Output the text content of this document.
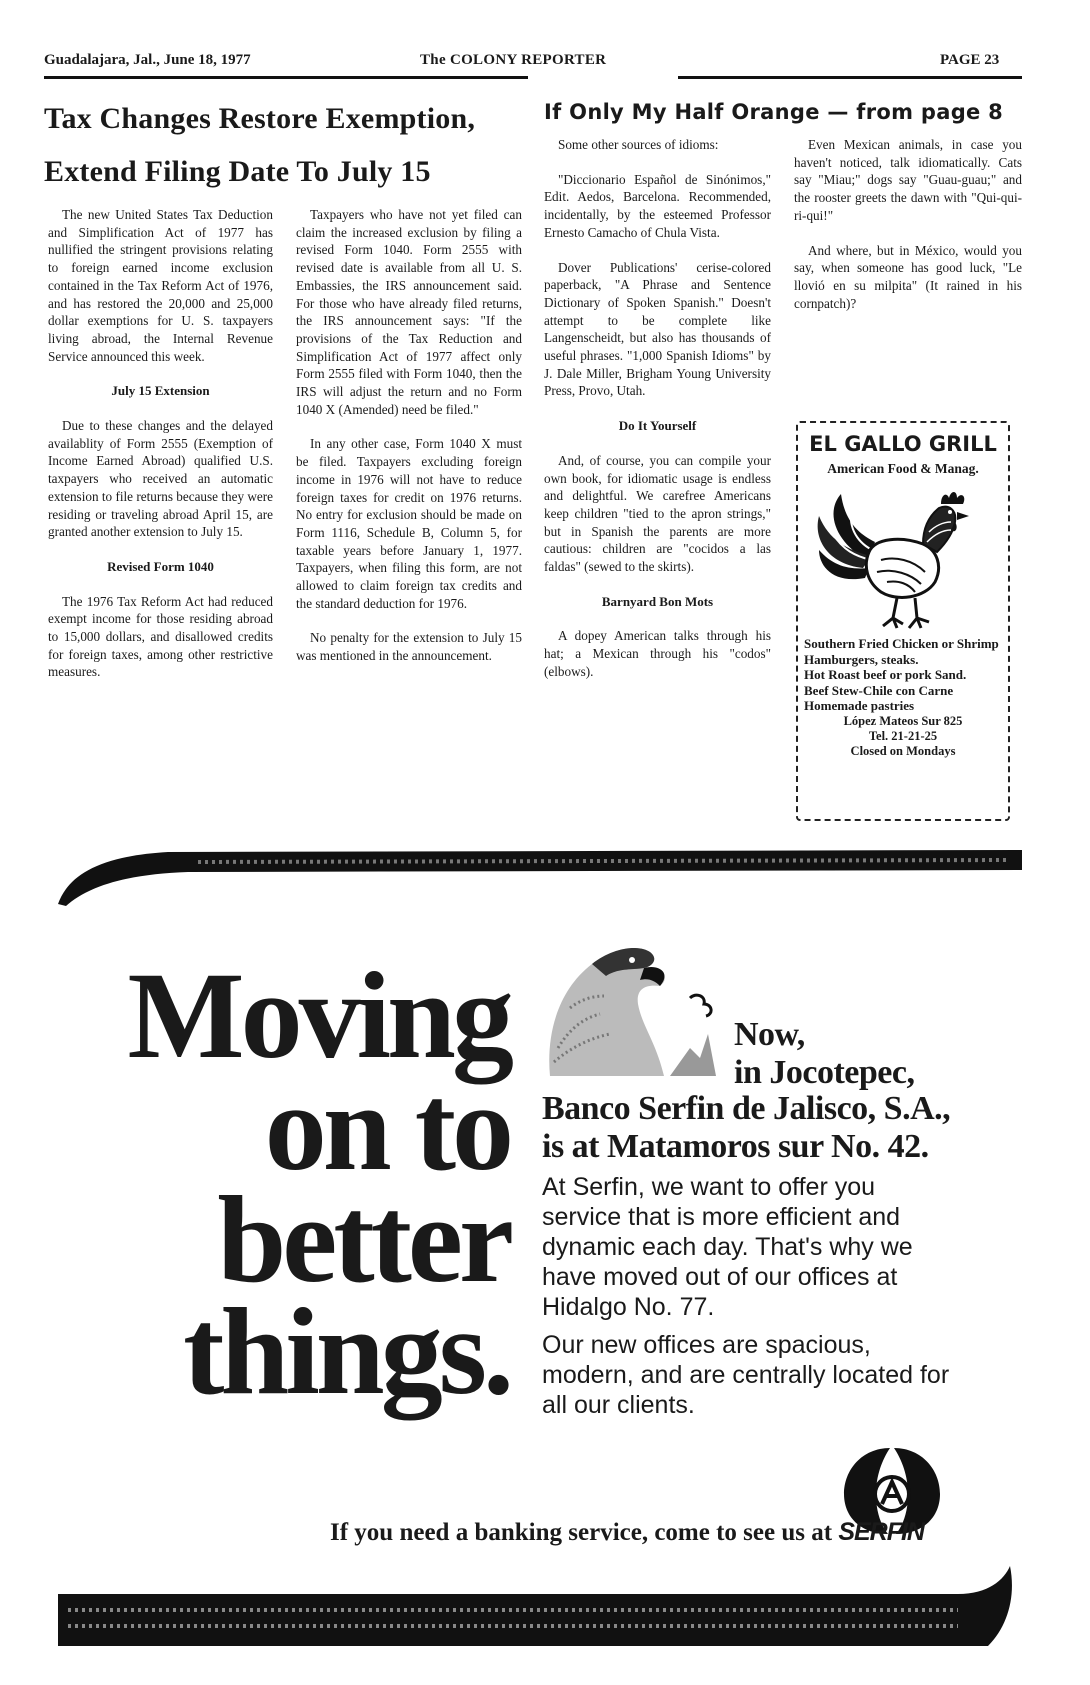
Guadalajara, Jal., June 18, 1977	The COLONY REPORTER	PAGE 23
Tax Changes Restore Exemption,
Extend Filing Date To July 15

The new United States Tax Deduction and Simplification Act of 1977 has nullified the stringent provisions relating to foreign earned income exclusion contained in the Tax Reform Act of 1976, and has restored the 20,000 and 25,000 dollar exemptions for U. S. taxpayers living abroad, the Internal Revenue Service announced this week.

July 15 Extension

Due to these changes and the delayed availablity of Form 2555 (Exemption of Income Earned Abroad) qualified U.S. taxpayers who received an automatic extension to file returns because they were residing or traveling abroad April 15, are granted another extension to July 15.

Revised Form 1040

The 1976 Tax Reform Act had reduced exempt income for those residing abroad to 15,000 dollars, and disallowed credits for foreign taxes, among other restrictive measures.

Taxpayers who have not yet filed can claim the increased exclusion by filing a revised Form 1040. Form 2555 with revised date is available from all U. S. Embassies, the IRS announcement said. For those who have already filed returns, the IRS announcement says: "If the provisions of the Tax Reduction and Simplification Act of 1977 affect only Form 2555 filed with Form 1040, then the IRS will adjust the return and no Form 1040 X (Amended) need be filed."

In any other case, Form 1040 X must be filed. Taxpayers excluding foreign income in 1976 will not have to reduce foreign taxes for credit on 1976 returns. No entry for exclusion should be made on Form 1116, Schedule B, Column 5, for taxable years before January 1, 1977. Taxpayers, when filing this form, are not allowed to claim foreign tax credits and the standard deduction for 1976.

No penalty for the extension to July 15 was mentioned in the announcement.

If Only My Half Orange — from page 8

Some other sources of idioms:

"Diccionario Español de Sinónimos," Edit. Aedos, Barcelona. Recommended, incidentally, by the esteemed Professor Ernesto Camacho of Chula Vista.

Dover Publications' cerise-colored paperback, "A Phrase and Sentence Dictionary of Spoken Spanish." Doesn't attempt to be complete like Langenscheidt, but also has thousands of useful phrases. "1,000 Spanish Idioms" by J. Dale Miller, Brigham Young University Press, Provo, Utah.

Do It Yourself

And, of course, you can compile your own book, for idiomatic usage is endless and delightful. We carefree Americans keep children "tied to the apron strings," but in Spanish the parents are more cautious: children are "cocidos a las faldas" (sewed to the skirts).

Barnyard Bon Mots

A dopey American talks through his hat; a Mexican through his "codos" (elbows).

Even Mexican animals, in case you haven't noticed, talk idiomatically. Cats say "Miau;" dogs say "Guau-guau;" and the rooster greets the dawn with "Qui-qui-ri-qui!"

And where, but in México, would you say, when someone has good luck, "Le llovió en su milpita" (It rained in his cornpatch)?

EL GALLO GRILL
American Food & Manag.
Southern Fried Chicken or Shrimp
Hamburgers, steaks.
Hot Roast beef or pork Sand.
Beef Stew-Chile con Carne
Homemade pastries
López Mateos Sur 825
Tel. 21-21-25
Closed on Mondays
Moving
on to
better
things.
Now,
in Jocotepec,
Banco Serfin de Jalisco, S.A.,
is at Matamoros sur No. 42.
At Serfin, we want to offer you service that is more efficient and dynamic each day. That's why we have moved out of our offices at Hidalgo No. 77.
Our new offices are spacious, modern, and are centrally located for all our clients.
If you need a banking service, come to see us at SERFIN
